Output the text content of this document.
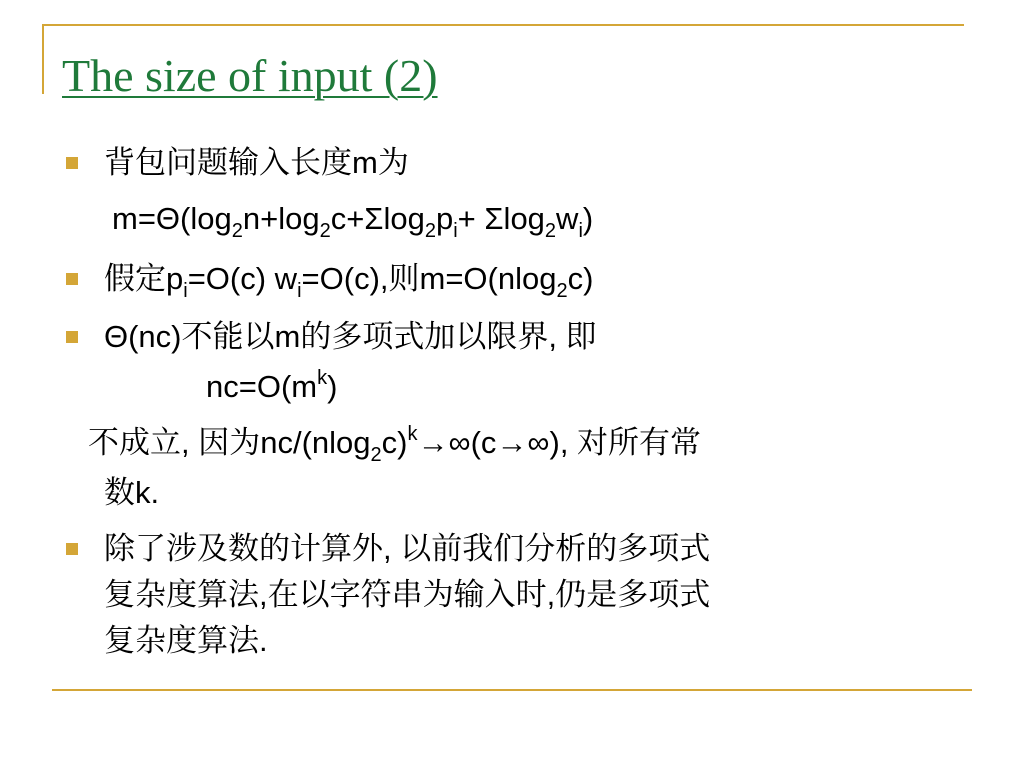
The size of input (2)
背包问题输入长度m为
$m=\Theta(\log_2n+\log_2c+\Sigma\log_2p_i+ \Sigma\log_2w_i)$
假定$p_i=O(c)$ $w_i=O(c)$,则m=O(nlog$_2$c)
Θ(nc)不能以m的多项式加以限界, 即
$nc=O(m^k)$
不成立, 因为$nc/(nlog_2c)^k\to\infty(c\to\infty)$, 对所有常
数k.
除了涉及数的计算外, 以前我们分析的多项式
复杂度算法,在以字符串为输入时,仍是多项式
复杂度算法.
